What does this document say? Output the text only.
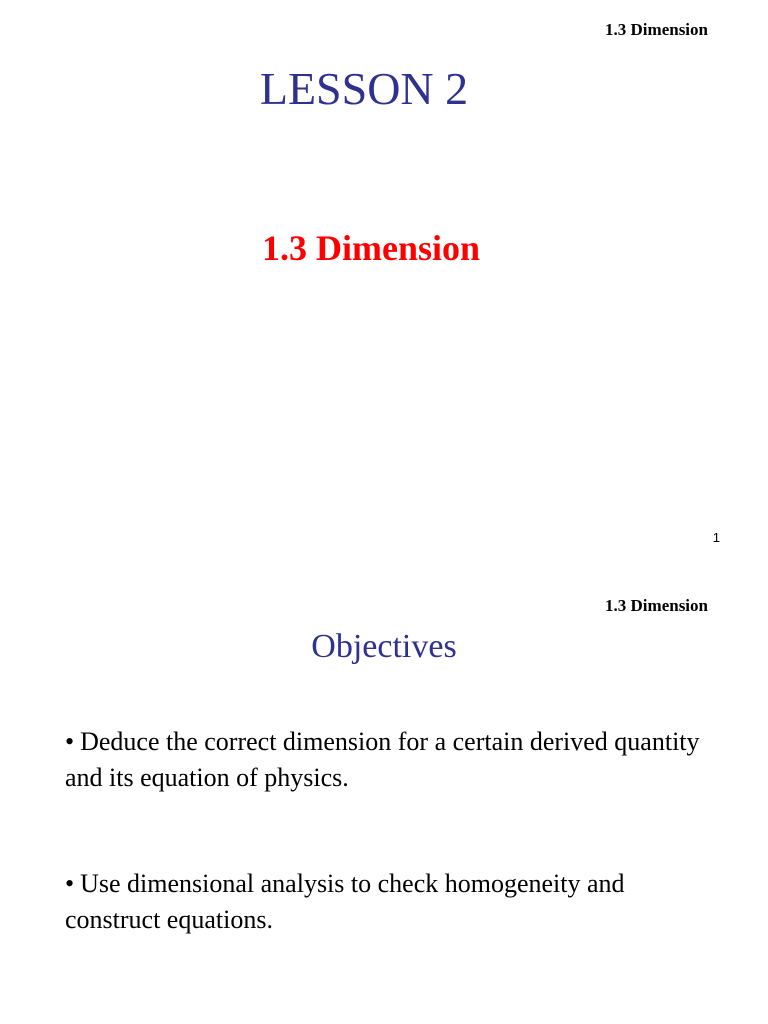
1.3 Dimension
LESSON 2
1.3 Dimension
1
1.3 Dimension
Objectives
• Deduce the correct dimension for a certain derived quantity and its equation of physics.
• Use dimensional analysis to check homogeneity and construct equations.
